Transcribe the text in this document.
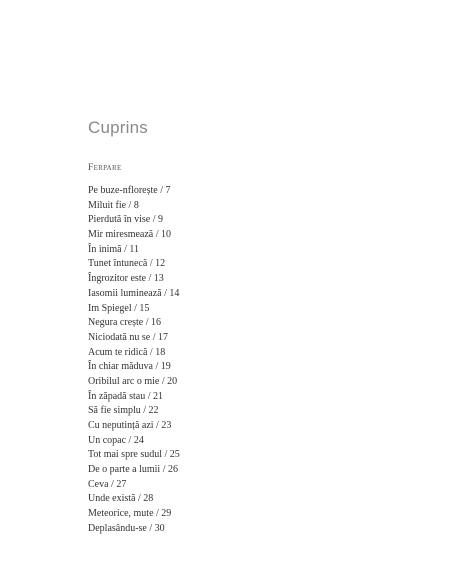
Cuprins
Ferpare
Pe buze-nflorește / 7
Miluit fie / 8
Pierdută în vise / 9
Mir miresmează / 10
În inimă / 11
Tunet întunecă / 12
Îngrozitor este / 13
Iasomii luminează / 14
Im Spiegel / 15
Negura crește / 16
Niciodată nu se / 17
Acum te ridică / 18
În chiar măduva / 19
Oribilul arc o mie / 20
În zăpadă stau / 21
Să fie simplu / 22
Cu neputință azi / 23
Un copac / 24
Tot mai spre sudul / 25
De o parte a lumii / 26
Ceva / 27
Unde există / 28
Meteorice, mute / 29
Deplasându-se / 30
